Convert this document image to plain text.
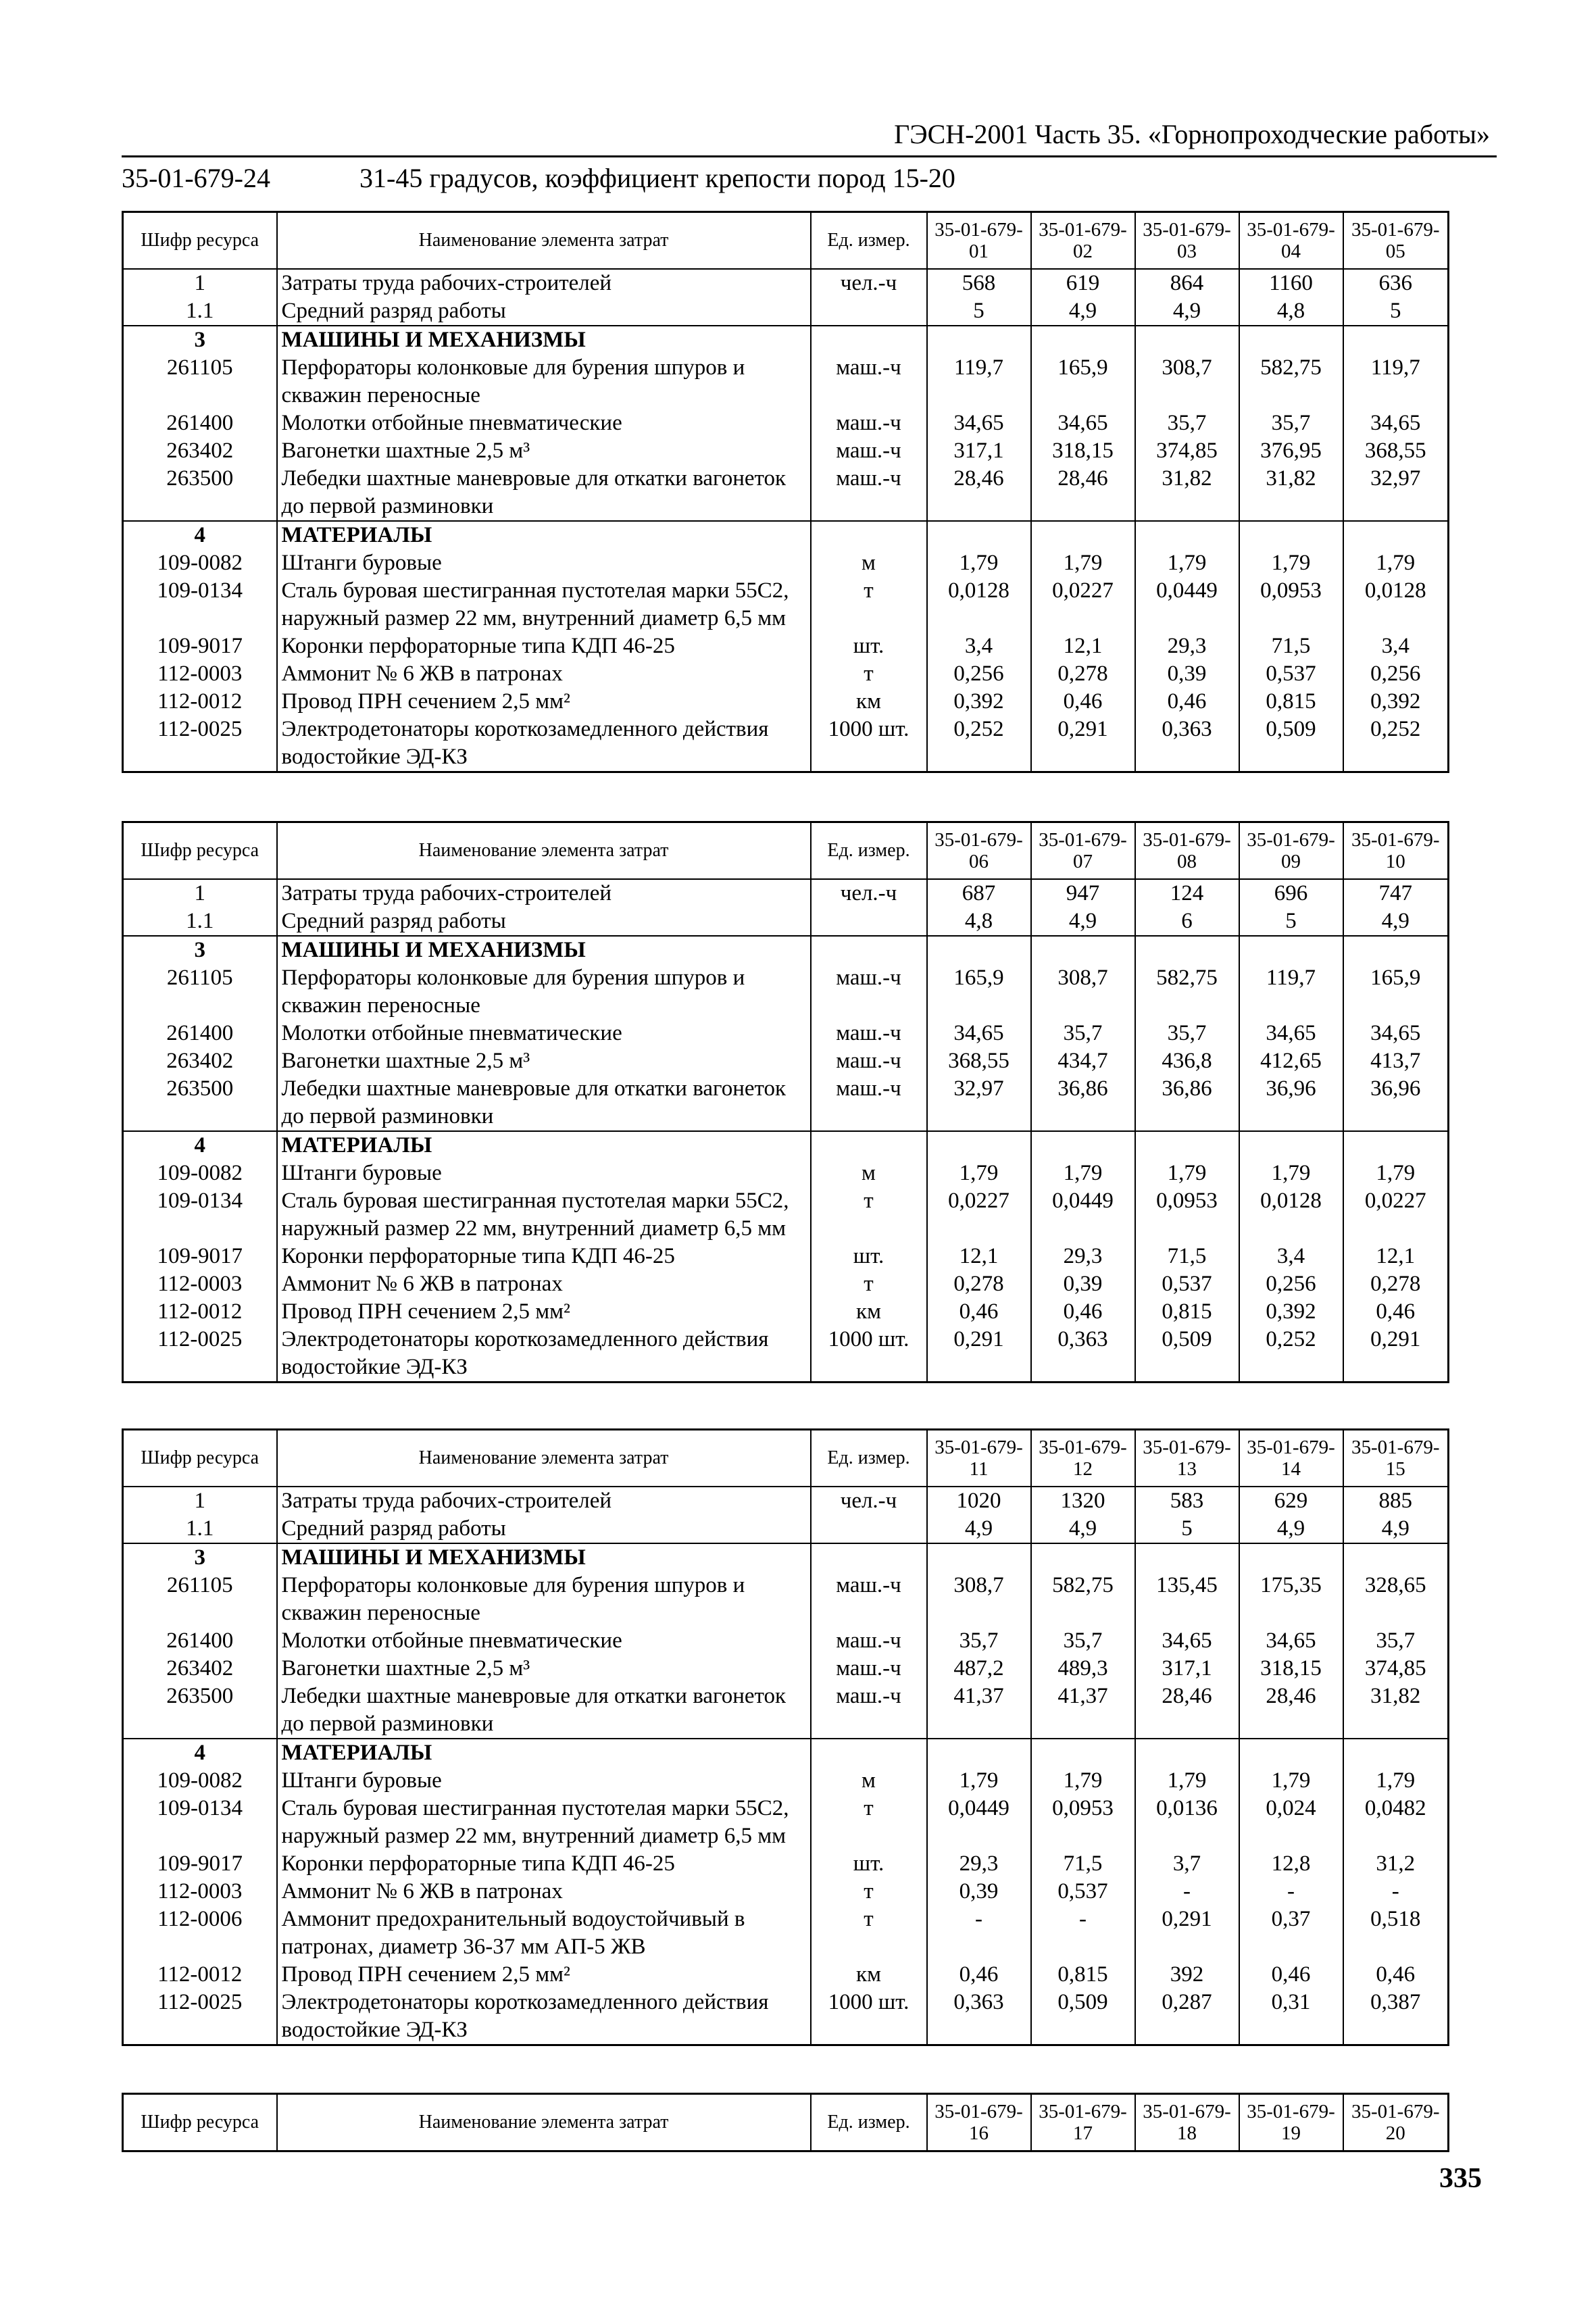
ГЭСН-2001 Часть 35. «Горнопроходческие работы»
35-01-679-24	31-45 градусов, коэффициент крепости пород 15-20
Шифр ресурса	Наименование элемента затрат	Ед. измер.	35-01-679-01	35-01-679-02	35-01-679-03	35-01-679-04	35-01-679-05
1	Затраты труда рабочих-строителей	чел.-ч	568	619	864	1160	636
1.1	Средний разряд работы		5	4,9	4,9	4,8	5
3	МАШИНЫ И МЕХАНИЗМЫ						
261105	Перфораторы колонковые для бурения шпуров и скважин переносные	маш.-ч	119,7	165,9	308,7	582,75	119,7
261400	Молотки отбойные пневматические	маш.-ч	34,65	34,65	35,7	35,7	34,65
263402	Вагонетки шахтные 2,5 м³	маш.-ч	317,1	318,15	374,85	376,95	368,55
263500	Лебедки шахтные маневровые для откатки вагонеток до первой разминовки	маш.-ч	28,46	28,46	31,82	31,82	32,97
4	МАТЕРИАЛЫ						
109-0082	Штанги буровые	м	1,79	1,79	1,79	1,79	1,79
109-0134	Сталь буровая шестигранная пустотелая марки 55С2, наружный размер 22 мм, внутренний диаметр 6,5 мм	т	0,0128	0,0227	0,0449	0,0953	0,0128
109-9017	Коронки перфораторные типа КДП 46-25	шт.	3,4	12,1	29,3	71,5	3,4
112-0003	Аммонит № 6 ЖВ в патронах	т	0,256	0,278	0,39	0,537	0,256
112-0012	Провод ПРН сечением 2,5 мм²	км	0,392	0,46	0,46	0,815	0,392
112-0025	Электродетонаторы короткозамедленного действия водостойкие ЭД-КЗ	1000 шт.	0,252	0,291	0,363	0,509	0,252
Шифр ресурса	Наименование элемента затрат	Ед. измер.	35-01-679-06	35-01-679-07	35-01-679-08	35-01-679-09	35-01-679-10
1	Затраты труда рабочих-строителей	чел.-ч	687	947	124	696	747
1.1	Средний разряд работы		4,8	4,9	6	5	4,9
3	МАШИНЫ И МЕХАНИЗМЫ						
261105	Перфораторы колонковые для бурения шпуров и скважин переносные	маш.-ч	165,9	308,7	582,75	119,7	165,9
261400	Молотки отбойные пневматические	маш.-ч	34,65	35,7	35,7	34,65	34,65
263402	Вагонетки шахтные 2,5 м³	маш.-ч	368,55	434,7	436,8	412,65	413,7
263500	Лебедки шахтные маневровые для откатки вагонеток до первой разминовки	маш.-ч	32,97	36,86	36,86	36,96	36,96
4	МАТЕРИАЛЫ						
109-0082	Штанги буровые	м	1,79	1,79	1,79	1,79	1,79
109-0134	Сталь буровая шестигранная пустотелая марки 55С2, наружный размер 22 мм, внутренний диаметр 6,5 мм	т	0,0227	0,0449	0,0953	0,0128	0,0227
109-9017	Коронки перфораторные типа КДП 46-25	шт.	12,1	29,3	71,5	3,4	12,1
112-0003	Аммонит № 6 ЖВ в патронах	т	0,278	0,39	0,537	0,256	0,278
112-0012	Провод ПРН сечением 2,5 мм²	км	0,46	0,46	0,815	0,392	0,46
112-0025	Электродетонаторы короткозамедленного действия водостойкие ЭД-КЗ	1000 шт.	0,291	0,363	0,509	0,252	0,291
Шифр ресурса	Наименование элемента затрат	Ед. измер.	35-01-679-11	35-01-679-12	35-01-679-13	35-01-679-14	35-01-679-15
1	Затраты труда рабочих-строителей	чел.-ч	1020	1320	583	629	885
1.1	Средний разряд работы		4,9	4,9	5	4,9	4,9
3	МАШИНЫ И МЕХАНИЗМЫ						
261105	Перфораторы колонковые для бурения шпуров и скважин переносные	маш.-ч	308,7	582,75	135,45	175,35	328,65
261400	Молотки отбойные пневматические	маш.-ч	35,7	35,7	34,65	34,65	35,7
263402	Вагонетки шахтные 2,5 м³	маш.-ч	487,2	489,3	317,1	318,15	374,85
263500	Лебедки шахтные маневровые для откатки вагонеток до первой разминовки	маш.-ч	41,37	41,37	28,46	28,46	31,82
4	МАТЕРИАЛЫ						
109-0082	Штанги буровые	м	1,79	1,79	1,79	1,79	1,79
109-0134	Сталь буровая шестигранная пустотелая марки 55С2, наружный размер 22 мм, внутренний диаметр 6,5 мм	т	0,0449	0,0953	0,0136	0,024	0,0482
109-9017	Коронки перфораторные типа КДП 46-25	шт.	29,3	71,5	3,7	12,8	31,2
112-0003	Аммонит № 6 ЖВ в патронах	т	0,39	0,537	-	-	-
112-0006	Аммонит предохранительный водоустойчивый в патронах, диаметр 36-37 мм АП-5 ЖВ	т	-	-	0,291	0,37	0,518
112-0012	Провод ПРН сечением 2,5 мм²	км	0,46	0,815	392	0,46	0,46
112-0025	Электродетонаторы короткозамедленного действия водостойкие ЭД-КЗ	1000 шт.	0,363	0,509	0,287	0,31	0,387
Шифр ресурса	Наименование элемента затрат	Ед. измер.	35-01-679-16	35-01-679-17	35-01-679-18	35-01-679-19	35-01-679-20
335
